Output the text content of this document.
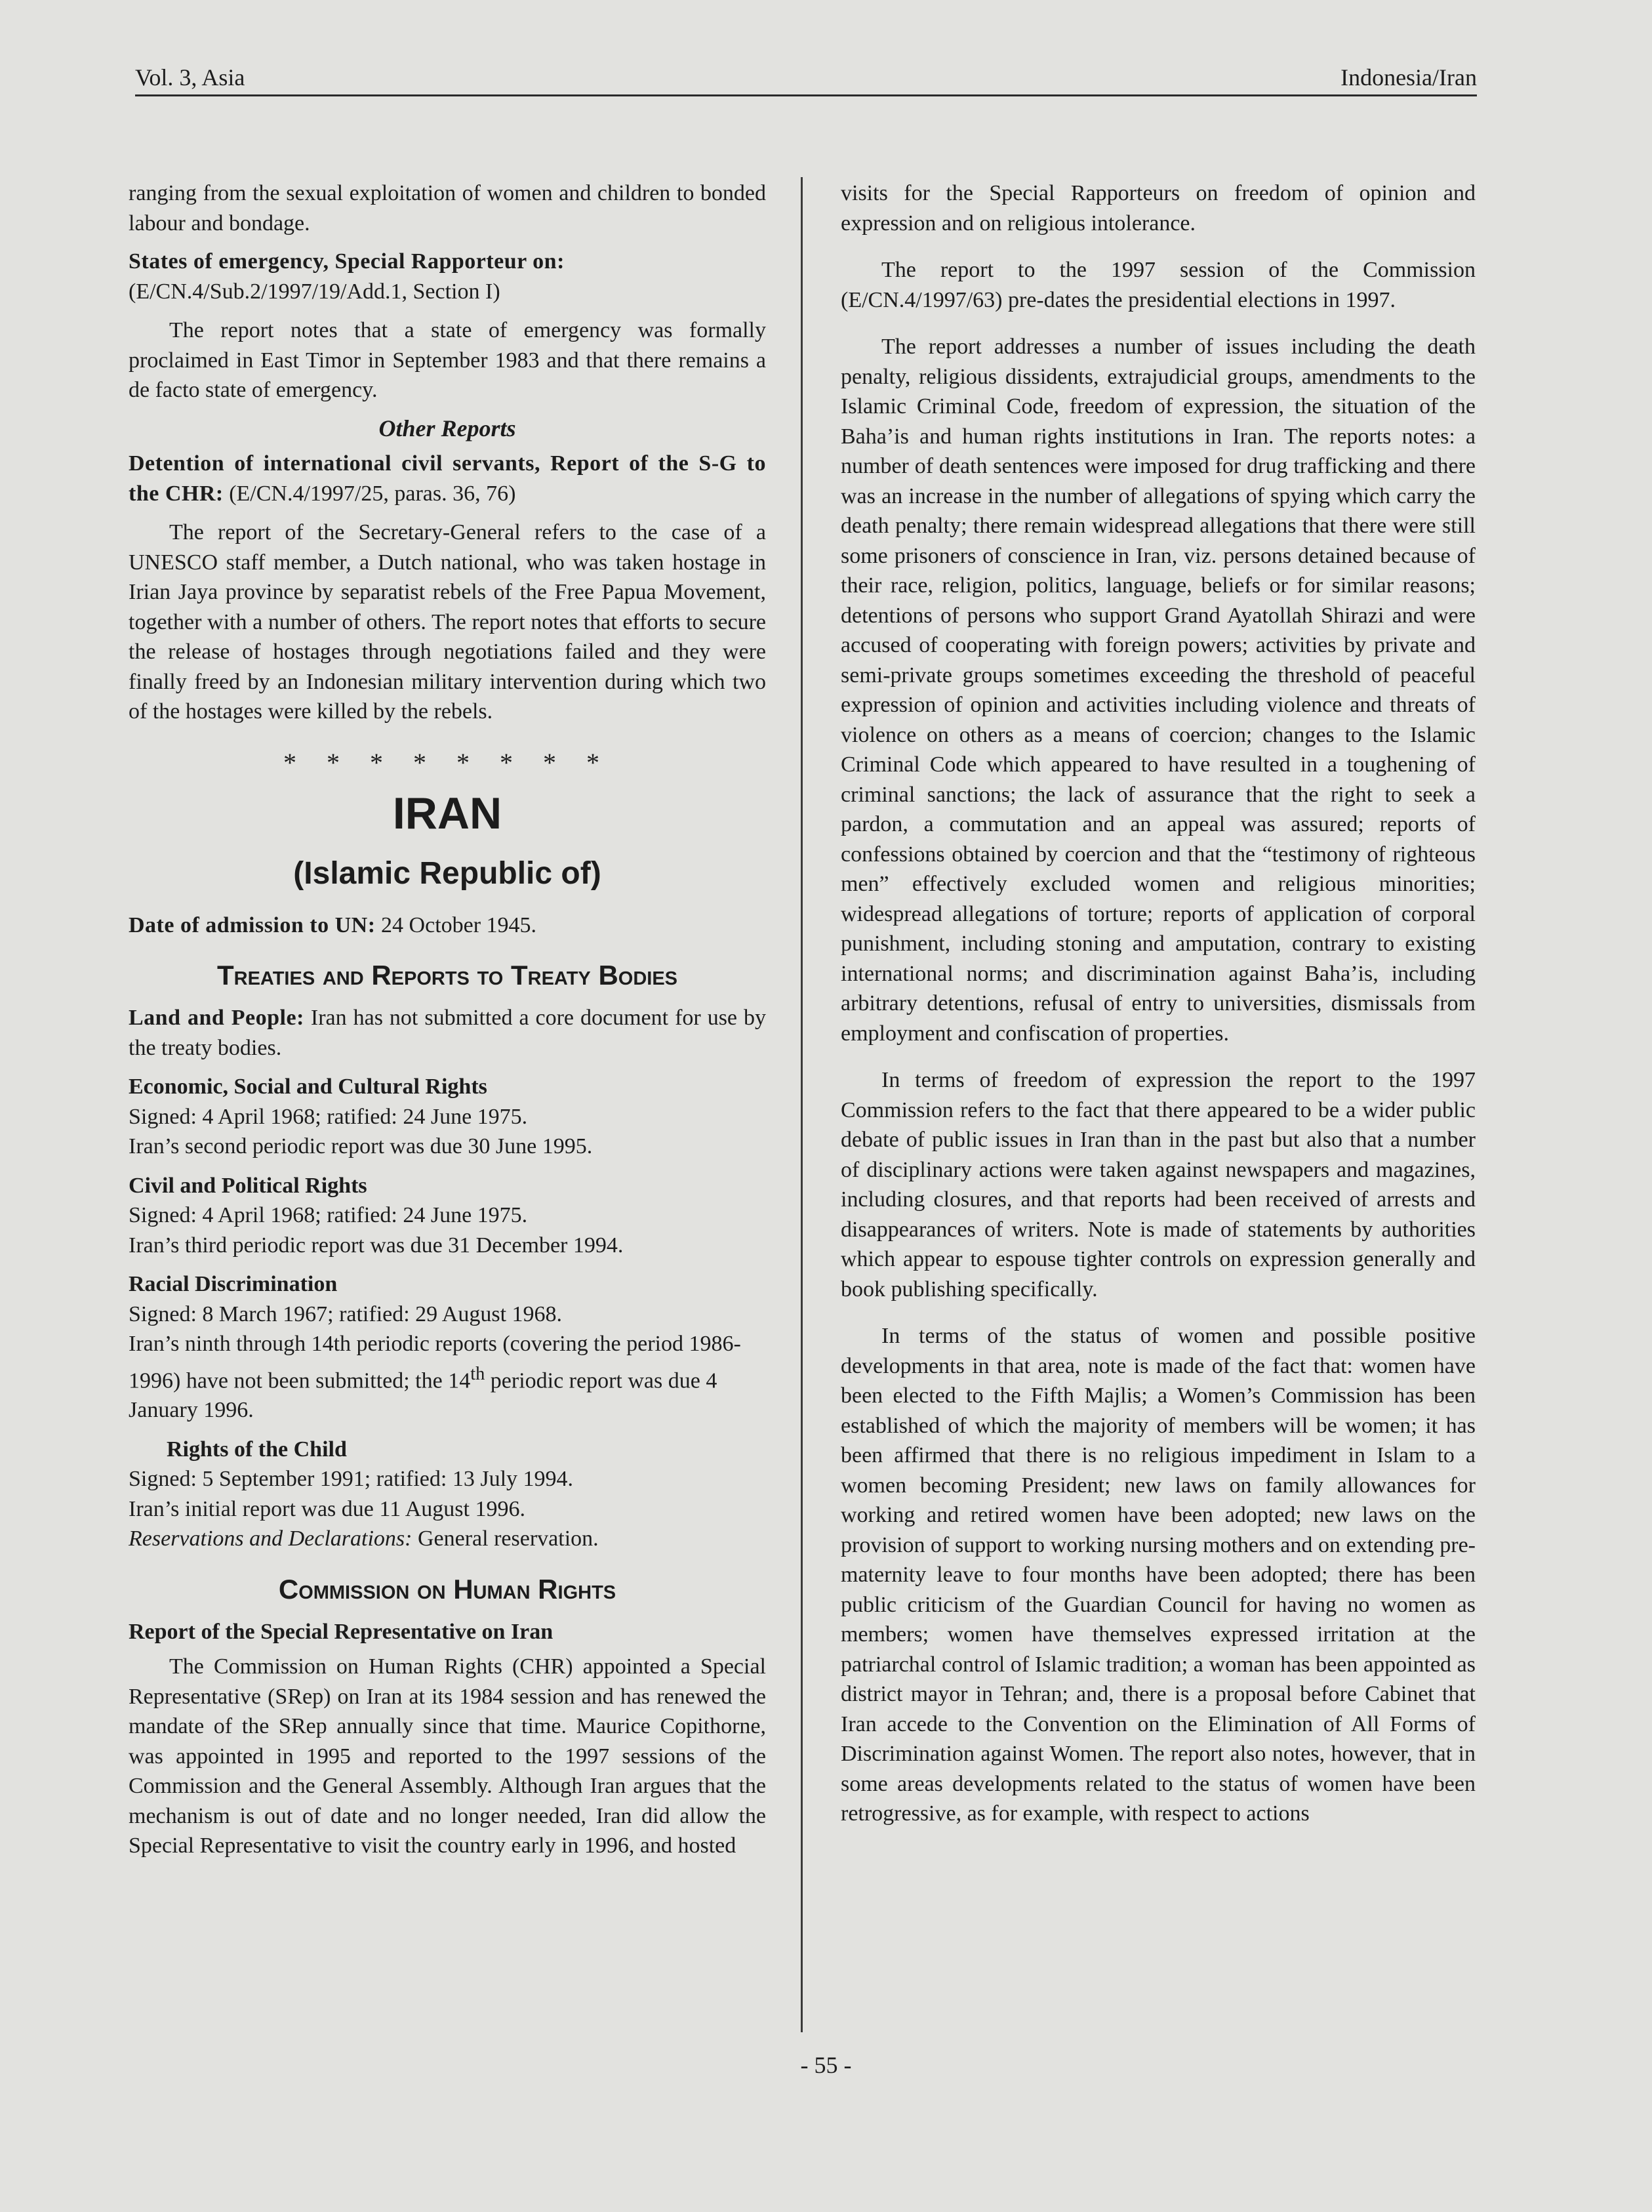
Vol. 3, Asia	Indonesia/Iran

ranging from the sexual exploitation of women and children to bonded labour and bondage.

States of emergency, Special Rapporteur on:
(E/CN.4/Sub.2/1997/19/Add.1, Section I)

The report notes that a state of emergency was formally proclaimed in East Timor in September 1983 and that there remains a de facto state of emergency.

Other Reports

Detention of international civil servants, Report of the S-G to the CHR: (E/CN.4/1997/25, paras. 36, 76)

The report of the Secretary-General refers to the case of a UNESCO staff member, a Dutch national, who was taken hostage in Irian Jaya province by separatist rebels of the Free Papua Movement, together with a number of others. The report notes that efforts to secure the release of hostages through negotiations failed and they were finally freed by an Indonesian military intervention during which two of the hostages were killed by the rebels.

* * * * * * * *
IRAN
(Islamic Republic of)

Date of admission to UN: 24 October 1945.

Treaties and Reports to Treaty Bodies

Land and People: Iran has not submitted a core document for use by the treaty bodies.

Economic, Social and Cultural Rights

Signed: 4 April 1968; ratified: 24 June 1975.

Iran’s second periodic report was due 30 June 1995.

Civil and Political Rights

Signed: 4 April 1968; ratified: 24 June 1975.

Iran’s third periodic report was due 31 December 1994.

Racial Discrimination

Signed: 8 March 1967; ratified: 29 August 1968.

Iran’s ninth through 14th periodic reports (covering the period 1986-1996) have not been submitted; the 14th periodic report was due 4 January 1996.

Rights of the Child

Signed: 5 September 1991; ratified: 13 July 1994.

Iran’s initial report was due 11 August 1996.

Reservations and Declarations: General reservation.

Commission on Human Rights

Report of the Special Representative on Iran

The Commission on Human Rights (CHR) appointed a Special Representative (SRep) on Iran at its 1984 session and has renewed the mandate of the SRep annually since that time. Maurice Copithorne, was appointed in 1995 and reported to the 1997 sessions of the Commission and the General Assembly. Although Iran argues that the mechanism is out of date and no longer needed, Iran did allow the Special Representative to visit the country early in 1996, and hosted

visits for the Special Rapporteurs on freedom of opinion and expression and on religious intolerance.

The report to the 1997 session of the Commission (E/CN.4/1997/63) pre-dates the presidential elections in 1997.

The report addresses a number of issues including the death penalty, religious dissidents, extrajudicial groups, amendments to the Islamic Criminal Code, freedom of expression, the situation of the Baha’is and human rights institutions in Iran. The reports notes: a number of death sentences were imposed for drug trafficking and there was an increase in the number of allegations of spying which carry the death penalty; there remain widespread allegations that there were still some prisoners of conscience in Iran, viz. persons detained because of their race, religion, politics, language, beliefs or for similar reasons; detentions of persons who support Grand Ayatollah Shirazi and were accused of cooperating with foreign powers; activities by private and semi-private groups sometimes exceeding the threshold of peaceful expression of opinion and activities including violence and threats of violence on others as a means of coercion; changes to the Islamic Criminal Code which appeared to have resulted in a toughening of criminal sanctions; the lack of assurance that the right to seek a pardon, a commutation and an appeal was assured; reports of confessions obtained by coercion and that the “testimony of righteous men” effectively excluded women and religious minorities; widespread allegations of torture; reports of application of corporal punishment, including stoning and amputation, contrary to existing international norms; and discrimination against Baha’is, including arbitrary detentions, refusal of entry to universities, dismissals from employment and confiscation of properties.

In terms of freedom of expression the report to the 1997 Commission refers to the fact that there appeared to be a wider public debate of public issues in Iran than in the past but also that a number of disciplinary actions were taken against newspapers and magazines, including closures, and that reports had been received of arrests and disappearances of writers. Note is made of statements by authorities which appear to espouse tighter controls on expression generally and book publishing specifically.

In terms of the status of women and possible positive developments in that area, note is made of the fact that: women have been elected to the Fifth Majlis; a Women’s Commission has been established of which the majority of members will be women; it has been affirmed that there is no religious impediment in Islam to a women becoming President; new laws on family allowances for working and retired women have been adopted; new laws on the provision of support to working nursing mothers and on extending pre-maternity leave to four months have been adopted; there has been public criticism of the Guardian Council for having no women as members; women have themselves expressed irritation at the patriarchal control of Islamic tradition; a woman has been appointed as district mayor in Tehran; and, there is a proposal before Cabinet that Iran accede to the Convention on the Elimination of All Forms of Discrimination against Women. The report also notes, however, that in some areas developments related to the status of women have been retrogressive, as for example, with respect to actions

- 55 -
